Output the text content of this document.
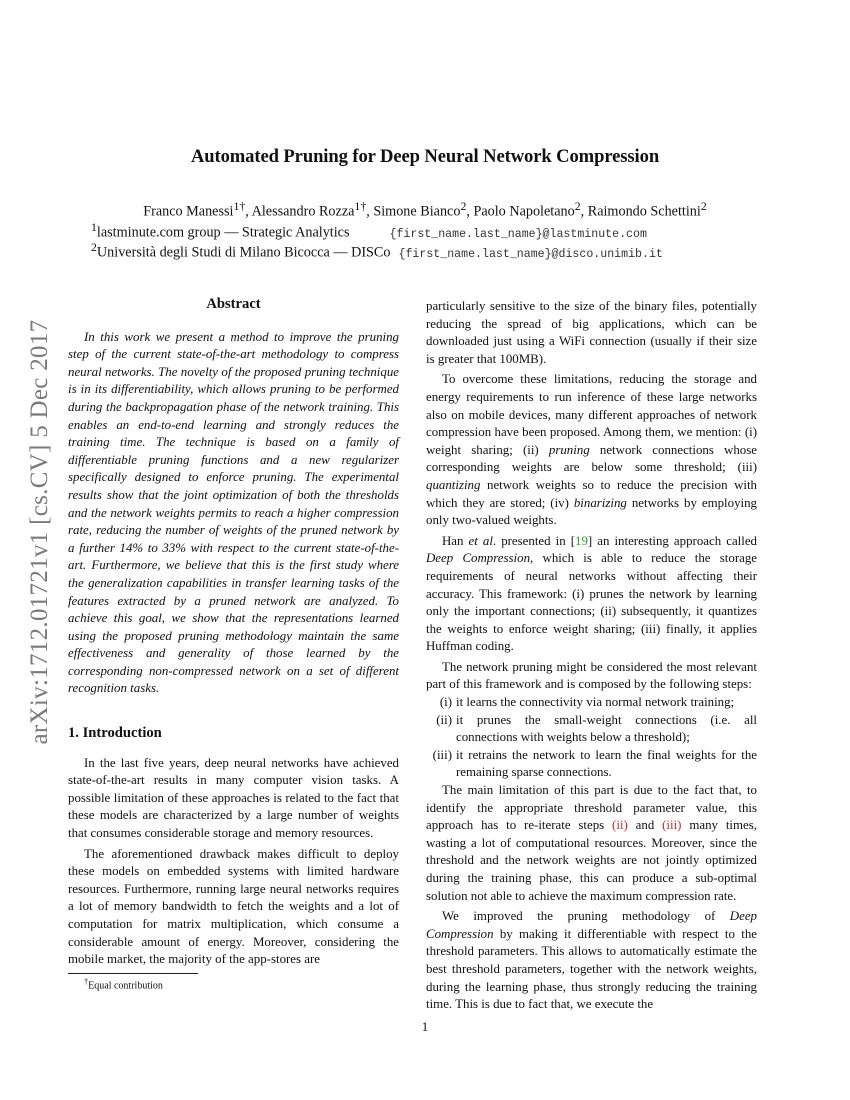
Automated Pruning for Deep Neural Network Compression
Franco Manessi$^{1\dagger}$, Alessandro Rozza$^{1\dagger}$, Simone Bianco$^2$, Paolo Napoletano$^2$, Raimondo Schettini$^2$
$^1$lastminute.com group — Strategic Analytics	{first_name.last_name}@lastminute.com
$^2$Università degli Studi di Milano Bicocca — DISCo {first_name.last_name}@disco.unimib.it
arXiv:1712.01721v1 [cs.CV] 5 Dec 2017
Abstract

In this work we present a method to improve the pruning step of the current state-of-the-art methodology to compress neural networks. The novelty of the proposed pruning technique is in its differentiability, which allows pruning to be performed during the backpropagation phase of the network training. This enables an end-to-end learning and strongly reduces the training time. The technique is based on a family of differentiable pruning functions and a new regularizer specifically designed to enforce pruning. The experimental results show that the joint optimization of both the thresholds and the network weights permits to reach a higher compression rate, reducing the number of weights of the pruned network by a further 14% to 33% with respect to the current state-of-the-art. Furthermore, we believe that this is the first study where the generalization capabilities in transfer learning tasks of the features extracted by a pruned network are analyzed. To achieve this goal, we show that the representations learned using the proposed pruning methodology maintain the same effectiveness and generality of those learned by the corresponding non-compressed network on a set of different recognition tasks.

1. Introduction

In the last five years, deep neural networks have achieved state-of-the-art results in many computer vision tasks. A possible limitation of these approaches is related to the fact that these models are characterized by a large number of weights that consumes considerable storage and memory resources.

The aforementioned drawback makes difficult to deploy these models on embedded systems with limited hardware resources. Furthermore, running large neural networks requires a lot of memory bandwidth to fetch the weights and a lot of computation for matrix multiplication, which consume a considerable amount of energy. Moreover, considering the mobile market, the majority of the app-stores are

particularly sensitive to the size of the binary files, potentially reducing the spread of big applications, which can be downloaded just using a WiFi connection (usually if their size is greater that 100MB).

To overcome these limitations, reducing the storage and energy requirements to run inference of these large networks also on mobile devices, many different approaches of network compression have been proposed. Among them, we mention: (i) weight sharing; (ii) pruning network connections whose corresponding weights are below some threshold; (iii) quantizing network weights so to reduce the precision with which they are stored; (iv) binarizing networks by employing only two-valued weights.

Han et al. presented in [19] an interesting approach called Deep Compression, which is able to reduce the storage requirements of neural networks without affecting their accuracy. This framework: (i) prunes the network by learning only the important connections; (ii) subsequently, it quantizes the weights to enforce weight sharing; (iii) finally, it applies Huffman coding.

The network pruning might be considered the most relevant part of this framework and is composed by the following steps:

(i) it learns the connectivity via normal network training;
(ii) it prunes the small-weight connections (i.e. all connections with weights below a threshold);
(iii) it retrains the network to learn the final weights for the remaining sparse connections.

The main limitation of this part is due to the fact that, to identify the appropriate threshold parameter value, this approach has to re-iterate steps (ii) and (iii) many times, wasting a lot of computational resources. Moreover, since the threshold and the network weights are not jointly optimized during the training phase, this can produce a sub-optimal solution not able to achieve the maximum compression rate.

We improved the pruning methodology of Deep Compression by making it differentiable with respect to the threshold parameters. This allows to automatically estimate the best threshold parameters, together with the network weights, during the learning phase, thus strongly reducing the training time. This is due to fact that, we execute the

†Equal contribution
1
